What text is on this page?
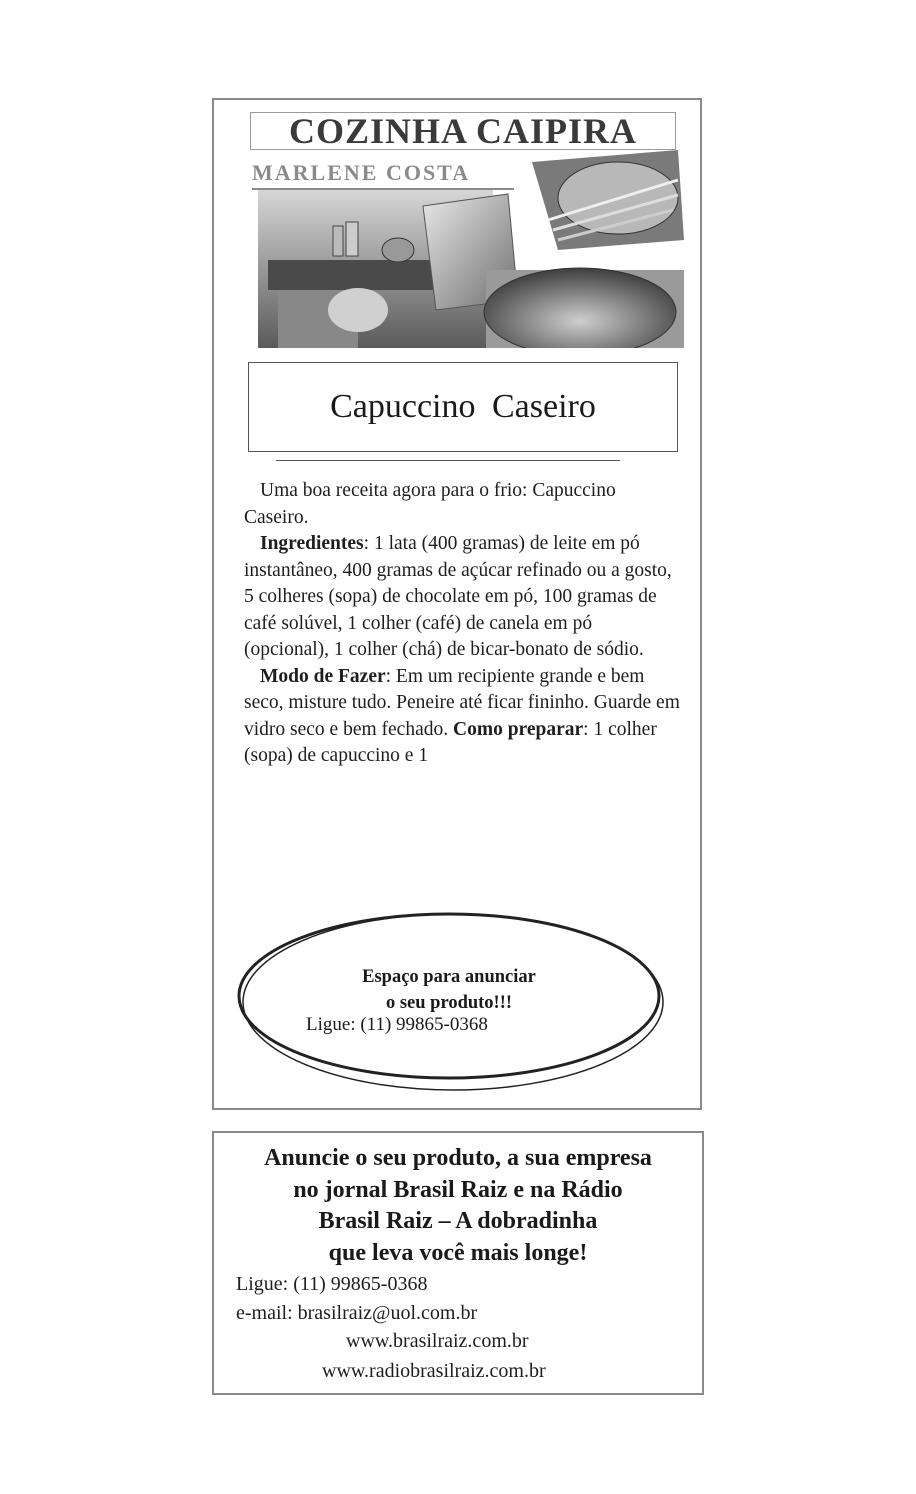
COZINHA CAIPIRA
MARLENE COSTA
Capuccino Caseiro

Uma boa receita agora para o frio: Capuccino Caseiro.

Ingredientes: 1 lata (400 gramas) de leite em pó instantâneo, 400 gramas de açúcar refinado ou a gosto, 5 colheres (sopa) de chocolate em pó, 100 gramas de café solúvel, 1 colher (café) de canela em pó (opcional), 1 colher (chá) de bicar-bonato de sódio.

Modo de Fazer: Em um recipiente grande e bem seco, misture tudo. Peneire até ficar fininho. Guarde em vidro seco e bem fechado. Como preparar: 1 colher (sopa) de capuccino e 1

Espaço para anunciar
o seu produto!!!
Ligue: (11) 99865-0368
Anuncie o seu produto, a sua empresa
no jornal Brasil Raiz e na Rádio
Brasil Raiz – A dobradinha
que leva você mais longe!
Ligue: (11) 99865-0368
e-mail: brasilraiz@uol.com.br
www.brasilraiz.com.br
www.radiobrasilraiz.com.br
